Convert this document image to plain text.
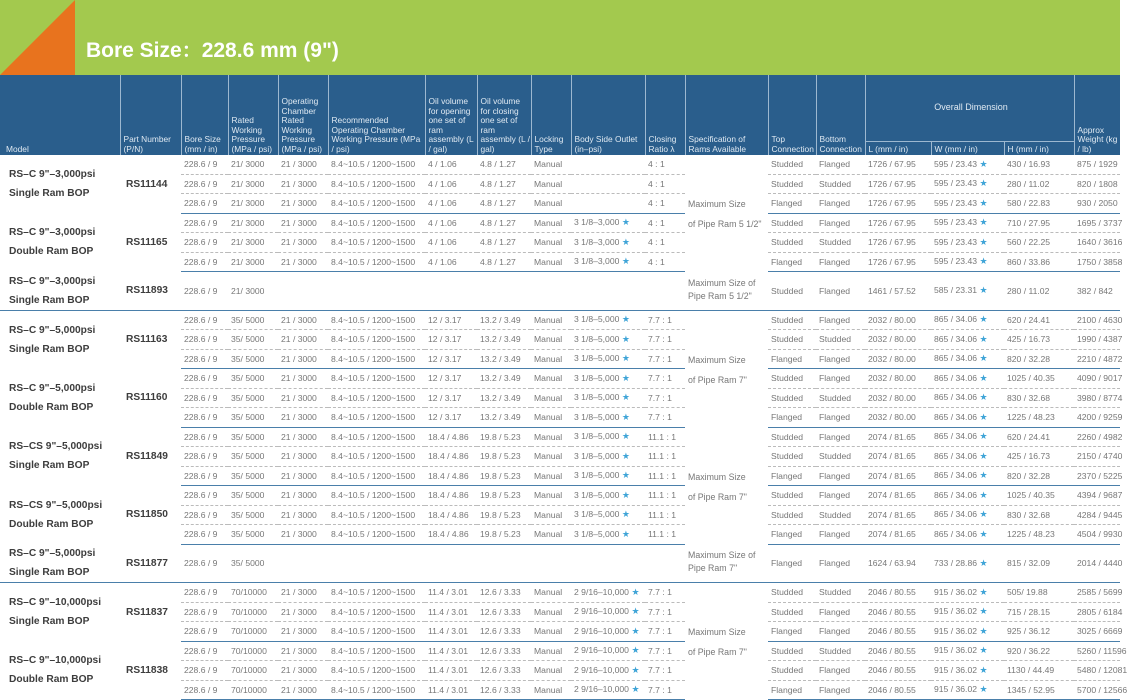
Bore Size：228.6 mm (9")
Model	Part Number (P/N)	Bore Size (mm / in)	Rated Working Pressure (MPa / psi)	Operating Chamber Rated Working Pressure (MPa / psi)	Recommended Operating Chamber Working Pressure (MPa / psi)	Oil volume for opening one set of ram assembly (L / gal)	Oil volume for closing one set of ram assembly (L / gal)	Locking Type	Body Side Outlet (in–psi)	Closing Ratio λ	Specification of Rams Available	Top Connection	Bottom Connection	Overall Dimension			Approx Weight (kg / lb)
														L (mm / in)	W (mm / in)	H (mm / in)	
RS–C 9"–3,000psi Single Ram BOP	RS11144	228.6 / 9	21/ 3000	21 / 3000	8.4~10.5 / 1200~1500	4 / 1.06	4.8 / 1.27	Manual		4 : 1	Maximum Size	Studded	Flanged	1726 / 67.95	595 / 23.43 ★	430 / 16.93	875 / 1929
		228.6 / 9	21/ 3000	21 / 3000	8.4~10.5 / 1200~1500	4 / 1.06	4.8 / 1.27	Manual		4 : 1		Studded	Studded	1726 / 67.95	595 / 23.43 ★	280 / 11.02	820 / 1808
		228.6 / 9	21/ 3000	21 / 3000	8.4~10.5 / 1200~1500	4 / 1.06	4.8 / 1.27	Manual		4 : 1		Flanged	Flanged	1726 / 67.95	595 / 23.43 ★	580 / 22.83	930 / 2050
RS–C 9"–3,000psi Double Ram BOP	RS11165	228.6 / 9	21/ 3000	21 / 3000	8.4~10.5 / 1200~1500	4 / 1.06	4.8 / 1.27	Manual	3 1/8–3,000 ★	4 : 1	of Pipe Ram 5 1/2"	Studded	Flanged	1726 / 67.95	595 / 23.43 ★	710 / 27.95	1695 / 3737
		228.6 / 9	21/ 3000	21 / 3000	8.4~10.5 / 1200~1500	4 / 1.06	4.8 / 1.27	Manual	3 1/8–3,000 ★	4 : 1		Studded	Studded	1726 / 67.95	595 / 23.43 ★	560 / 22.25	1640 / 3616
		228.6 / 9	21/ 3000	21 / 3000	8.4~10.5 / 1200~1500	4 / 1.06	4.8 / 1.27	Manual	3 1/8–3,000 ★	4 : 1		Flanged	Flanged	1726 / 67.95	595 / 23.43 ★	860 / 33.86	1750 / 3858
RS–C 9"–3,000psi Single Ram BOP	RS11893	228.6 / 9	21/ 3000								Maximum Size of Pipe Ram 5 1/2"	Studded	Flanged	1461 / 57.52	585 / 23.31 ★	280 / 11.02	382 / 842
RS–C 9"–5,000psi Single Ram BOP	RS11163	228.6 / 9	35/ 5000	21 / 3000	8.4~10.5 / 1200~1500	12 / 3.17	13.2 / 3.49	Manual	3 1/8–5,000 ★	7.7 : 1	Maximum Size	Studded	Flanged	2032 / 80.00	865 / 34.06 ★	620 / 24.41	2100 / 4630
		228.6 / 9	35/ 5000	21 / 3000	8.4~10.5 / 1200~1500	12 / 3.17	13.2 / 3.49	Manual	3 1/8–5,000 ★	7.7 : 1		Studded	Studded	2032 / 80.00	865 / 34.06 ★	425 / 16.73	1990 / 4387
		228.6 / 9	35/ 5000	21 / 3000	8.4~10.5 / 1200~1500	12 / 3.17	13.2 / 3.49	Manual	3 1/8–5,000 ★	7.7 : 1		Flanged	Flanged	2032 / 80.00	865 / 34.06 ★	820 / 32.28	2210 / 4872
RS–C 9"–5,000psi Double Ram BOP	RS11160	228.6 / 9	35/ 5000	21 / 3000	8.4~10.5 / 1200~1500	12 / 3.17	13.2 / 3.49	Manual	3 1/8–5,000 ★	7.7 : 1	of Pipe Ram 7"	Studded	Flanged	2032 / 80.00	865 / 34.06 ★	1025 / 40.35	4090 / 9017
		228.6 / 9	35/ 5000	21 / 3000	8.4~10.5 / 1200~1500	12 / 3.17	13.2 / 3.49	Manual	3 1/8–5,000 ★	7.7 : 1		Studded	Studded	2032 / 80.00	865 / 34.06 ★	830 / 32.68	3980 / 8774
		228.6 / 9	35/ 5000	21 / 3000	8.4~10.5 / 1200~1500	12 / 3.17	13.2 / 3.49	Manual	3 1/8–5,000 ★	7.7 : 1		Flanged	Flanged	2032 / 80.00	865 / 34.06 ★	1225 / 48.23	4200 / 9259
RS–CS 9"–5,000psi Single Ram BOP	RS11849	228.6 / 9	35/ 5000	21 / 3000	8.4~10.5 / 1200~1500	18.4 / 4.86	19.8 / 5.23	Manual	3 1/8–5,000 ★	11.1 : 1	Maximum Size	Studded	Flanged	2074 / 81.65	865 / 34.06 ★	620 / 24.41	2260 / 4982
		228.6 / 9	35/ 5000	21 / 3000	8.4~10.5 / 1200~1500	18.4 / 4.86	19.8 / 5.23	Manual	3 1/8–5,000 ★	11.1 : 1		Studded	Studded	2074 / 81.65	865 / 34.06 ★	425 / 16.73	2150 / 4740
		228.6 / 9	35/ 5000	21 / 3000	8.4~10.5 / 1200~1500	18.4 / 4.86	19.8 / 5.23	Manual	3 1/8–5,000 ★	11.1 : 1		Flanged	Flanged	2074 / 81.65	865 / 34.06 ★	820 / 32.28	2370 / 5225
RS–CS 9"–5,000psi Double Ram BOP	RS11850	228.6 / 9	35/ 5000	21 / 3000	8.4~10.5 / 1200~1500	18.4 / 4.86	19.8 / 5.23	Manual	3 1/8–5,000 ★	11.1 : 1	of Pipe Ram 7"	Studded	Flanged	2074 / 81.65	865 / 34.06 ★	1025 / 40.35	4394 / 9687
		228.6 / 9	35/ 5000	21 / 3000	8.4~10.5 / 1200~1500	18.4 / 4.86	19.8 / 5.23	Manual	3 1/8–5,000 ★	11.1 : 1		Studded	Studded	2074 / 81.65	865 / 34.06 ★	830 / 32.68	4284 / 9445
		228.6 / 9	35/ 5000	21 / 3000	8.4~10.5 / 1200~1500	18.4 / 4.86	19.8 / 5.23	Manual	3 1/8–5,000 ★	11.1 : 1		Flanged	Flanged	2074 / 81.65	865 / 34.06 ★	1225 / 48.23	4504 / 9930
RS–C 9"–5,000psi Single Ram BOP	RS11877	228.6 / 9	35/ 5000								Maximum Size of Pipe Ram 7"	Flanged	Flanged	1624 / 63.94	733 / 28.86 ★	815 / 32.09	2014 / 4440
RS–C 9"–10,000psi Single Ram BOP	RS11837	228.6 / 9	70/10000	21 / 3000	8.4~10.5 / 1200~1500	11.4 / 3.01	12.6 / 3.33	Manual	2 9/16–10,000 ★	7.7 : 1	Maximum Size	Studded	Studded	2046 / 80.55	915 / 36.02 ★	505/ 19.88	2585 / 5699
		228.6 / 9	70/10000	21 / 3000	8.4~10.5 / 1200~1500	11.4 / 3.01	12.6 / 3.33	Manual	2 9/16–10,000 ★	7.7 : 1		Studded	Flanged	2046 / 80.55	915 / 36.02 ★	715 / 28.15	2805 / 6184
		228.6 / 9	70/10000	21 / 3000	8.4~10.5 / 1200~1500	11.4 / 3.01	12.6 / 3.33	Manual	2 9/16–10,000 ★	7.7 : 1		Flanged	Flanged	2046 / 80.55	915 / 36.02 ★	925 / 36.12	3025 / 6669
RS–C 9"–10,000psi Double Ram BOP	RS11838	228.6 / 9	70/10000	21 / 3000	8.4~10.5 / 1200~1500	11.4 / 3.01	12.6 / 3.33	Manual	2 9/16–10,000 ★	7.7 : 1	of Pipe Ram 7"	Studded	Studded	2046 / 80.55	915 / 36.02 ★	920 / 36.22	5260 / 11596
		228.6 / 9	70/10000	21 / 3000	8.4~10.5 / 1200~1500	11.4 / 3.01	12.6 / 3.33	Manual	2 9/16–10,000 ★	7.7 : 1		Studded	Flanged	2046 / 80.55	915 / 36.02 ★	1130 / 44.49	5480 / 12081
		228.6 / 9	70/10000	21 / 3000	8.4~10.5 / 1200~1500	11.4 / 3.01	12.6 / 3.33	Manual	2 9/16–10,000 ★	7.7 : 1		Flanged	Flanged	2046 / 80.55	915 / 36.02 ★	1345 / 52.95	5700 / 12566
